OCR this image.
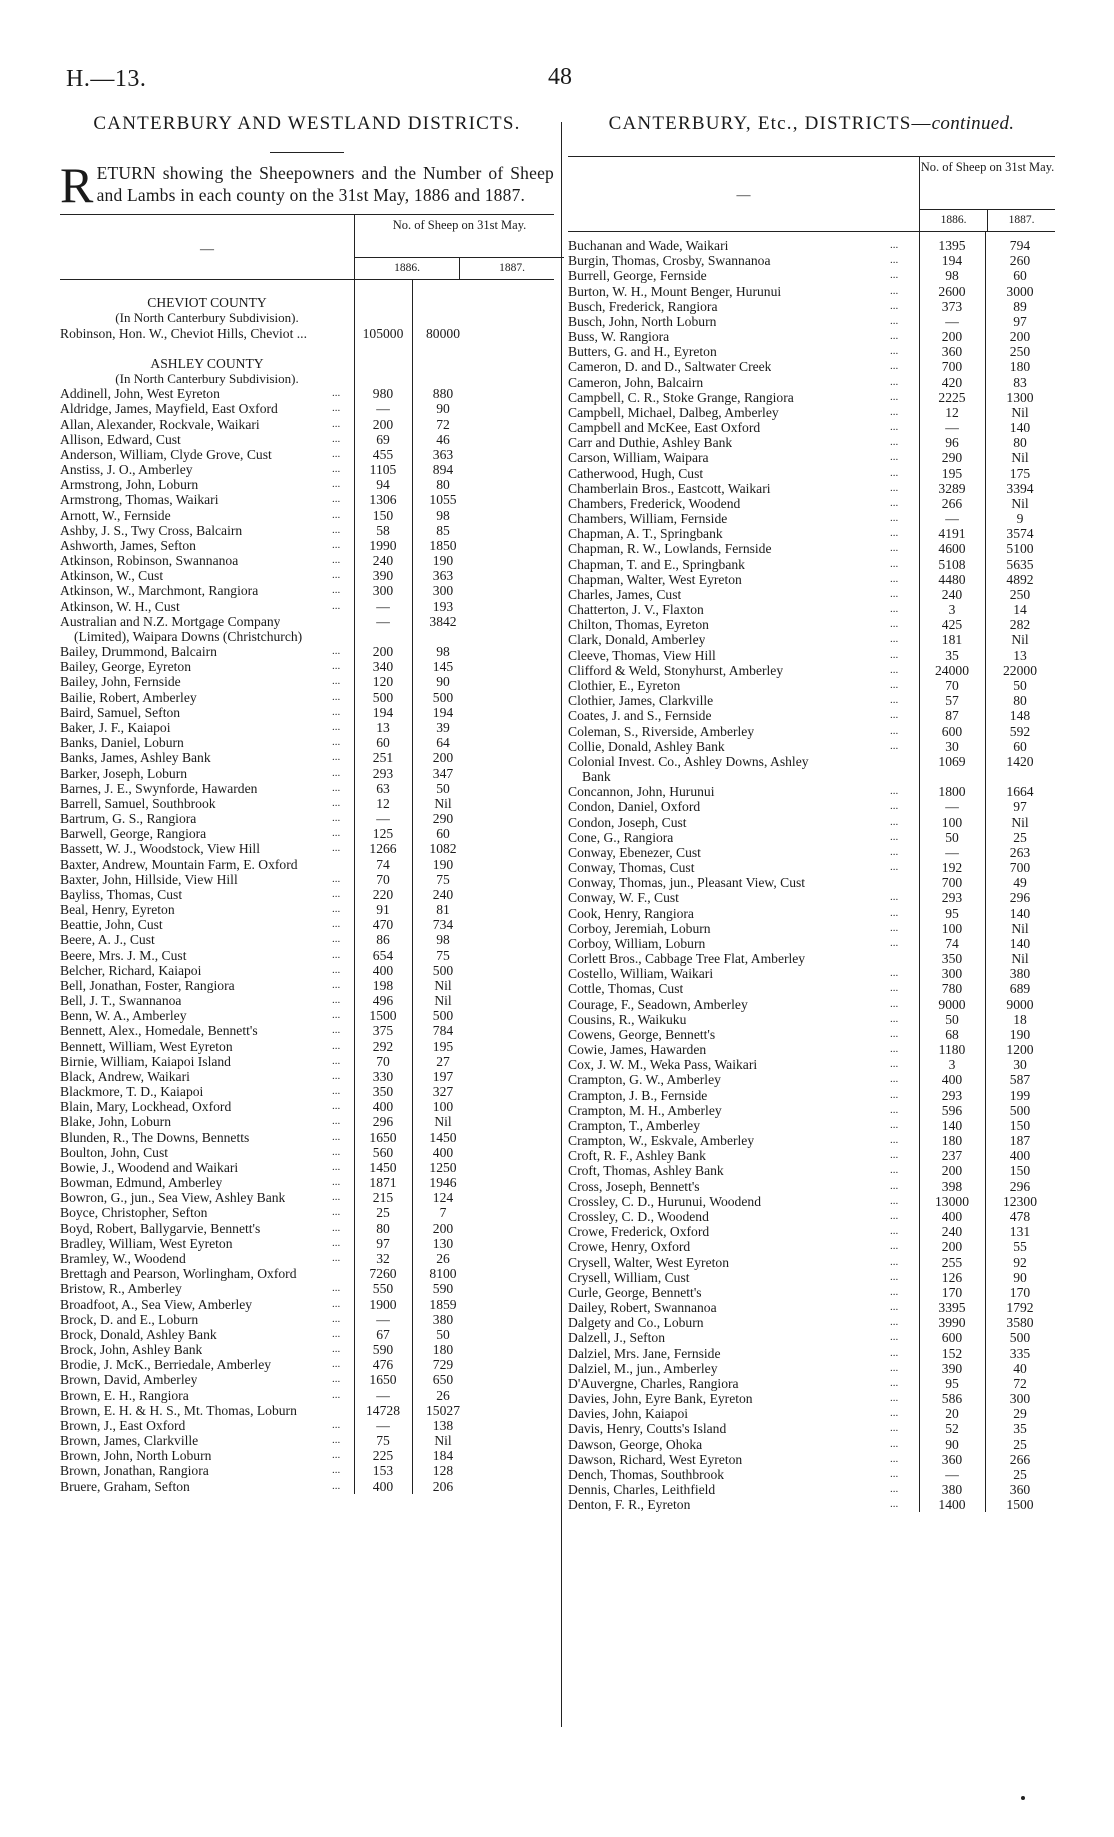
H.—13.	48
CANTERBURY AND WESTLAND DISTRICTS.

RETURN showing the Sheepowners and the Number of Sheep and Lambs in each county on the 31st May, 1886 and 1887.

—
No. of Sheep on 31st May.
1886.	1887.
CHEVIOT COUNTY
(In North Canterbury Subdivision).
Robinson, Hon. W., Cheviot Hills, Cheviot ...	105000	80000
ASHLEY COUNTY
(In North Canterbury Subdivision).
Addinell, John, West Eyreton	...	980	880
Aldridge, James, Mayfield, East Oxford	...	—	90
Allan, Alexander, Rockvale, Waikari	...	200	72
Allison, Edward, Cust	...	69	46
Anderson, William, Clyde Grove, Cust	...	455	363
Anstiss, J. O., Amberley	...	1105	894
Armstrong, John, Loburn	...	94	80
Armstrong, Thomas, Waikari	...	1306	1055
Arnott, W., Fernside	...	150	98
Ashby, J. S., Twy Cross, Balcairn	...	58	85
Ashworth, James, Sefton	...	1990	1850
Atkinson, Robinson, Swannanoa	...	240	190
Atkinson, W., Cust	...	390	363
Atkinson, W., Marchmont, Rangiora	...	300	300
Atkinson, W. H., Cust	...	—	193
Australian and N.Z. Mortgage Company	—	3842
(Limited), Waipara Downs (Christchurch)
Bailey, Drummond, Balcairn	...	200	98
Bailey, George, Eyreton	...	340	145
Bailey, John, Fernside	...	120	90
Bailie, Robert, Amberley	...	500	500
Baird, Samuel, Sefton	...	194	194
Baker, J. F., Kaiapoi	...	13	39
Banks, Daniel, Loburn	...	60	64
Banks, James, Ashley Bank	...	251	200
Barker, Joseph, Loburn	...	293	347
Barnes, J. E., Swynforde, Hawarden	...	63	50
Barrell, Samuel, Southbrook	...	12	Nil
Bartrum, G. S., Rangiora	...	—	290
Barwell, George, Rangiora	...	125	60
Bassett, W. J., Woodstock, View Hill	...	1266	1082
Baxter, Andrew, Mountain Farm, E. Oxford	74	190
Baxter, John, Hillside, View Hill	...	70	75
Bayliss, Thomas, Cust	...	220	240
Beal, Henry, Eyreton	...	91	81
Beattie, John, Cust	...	470	734
Beere, A. J., Cust	...	86	98
Beere, Mrs. J. M., Cust	...	654	75
Belcher, Richard, Kaiapoi	...	400	500
Bell, Jonathan, Foster, Rangiora	...	198	Nil
Bell, J. T., Swannanoa	...	496	Nil
Benn, W. A., Amberley	...	1500	500
Bennett, Alex., Homedale, Bennett's	...	375	784
Bennett, William, West Eyreton	...	292	195
Birnie, William, Kaiapoi Island	...	70	27
Black, Andrew, Waikari	...	330	197
Blackmore, T. D., Kaiapoi	...	350	327
Blain, Mary, Lockhead, Oxford	...	400	100
Blake, John, Loburn	...	296	Nil
Blunden, R., The Downs, Bennetts	...	1650	1450
Boulton, John, Cust	...	560	400
Bowie, J., Woodend and Waikari	...	1450	1250
Bowman, Edmund, Amberley	...	1871	1946
Bowron, G., jun., Sea View, Ashley Bank	...	215	124
Boyce, Christopher, Sefton	...	25	7
Boyd, Robert, Ballygarvie, Bennett's	...	80	200
Bradley, William, West Eyreton	...	97	130
Bramley, W., Woodend	...	32	26
Brettagh and Pearson, Worlingham, Oxford	7260	8100
Bristow, R., Amberley	...	550	590
Broadfoot, A., Sea View, Amberley	...	1900	1859
Brock, D. and E., Loburn	...	—	380
Brock, Donald, Ashley Bank	...	67	50
Brock, John, Ashley Bank	...	590	180
Brodie, J. McK., Berriedale, Amberley	...	476	729
Brown, David, Amberley	...	1650	650
Brown, E. H., Rangiora	...	—	26
Brown, E. H. & H. S., Mt. Thomas, Loburn	14728	15027
Brown, J., East Oxford	...	—	138
Brown, James, Clarkville	...	75	Nil
Brown, John, North Loburn	...	225	184
Brown, Jonathan, Rangiora	...	153	128
Bruere, Graham, Sefton	...	400	206
CANTERBURY, Etc., DISTRICTS—continued.
—
No. of Sheep on 31st May.
1886.	1887.
Buchanan and Wade, Waikari	...	1395	794
Burgin, Thomas, Crosby, Swannanoa	...	194	260
Burrell, George, Fernside	...	98	60
Burton, W. H., Mount Benger, Hurunui	...	2600	3000
Busch, Frederick, Rangiora	...	373	89
Busch, John, North Loburn	...	—	97
Buss, W. Rangiora	...	200	200
Butters, G. and H., Eyreton	...	360	250
Cameron, D. and D., Saltwater Creek	...	700	180
Cameron, John, Balcairn	...	420	83
Campbell, C. R., Stoke Grange, Rangiora	...	2225	1300
Campbell, Michael, Dalbeg, Amberley	...	12	Nil
Campbell and McKee, East Oxford	...	—	140
Carr and Duthie, Ashley Bank	...	96	80
Carson, William, Waipara	...	290	Nil
Catherwood, Hugh, Cust	...	195	175
Chamberlain Bros., Eastcott, Waikari	...	3289	3394
Chambers, Frederick, Woodend	...	266	Nil
Chambers, William, Fernside	...	—	9
Chapman, A. T., Springbank	...	4191	3574
Chapman, R. W., Lowlands, Fernside	...	4600	5100
Chapman, T. and E., Springbank	...	5108	5635
Chapman, Walter, West Eyreton	...	4480	4892
Charles, James, Cust	...	240	250
Chatterton, J. V., Flaxton	...	3	14
Chilton, Thomas, Eyreton	...	425	282
Clark, Donald, Amberley	...	181	Nil
Cleeve, Thomas, View Hill	...	35	13
Clifford & Weld, Stonyhurst, Amberley	...	24000	22000
Clothier, E., Eyreton	...	70	50
Clothier, James, Clarkville	...	57	80
Coates, J. and S., Fernside	...	87	148
Coleman, S., Riverside, Amberley	...	600	592
Collie, Donald, Ashley Bank	...	30	60
Colonial Invest. Co., Ashley Downs, Ashley	1069	1420
Bank
Concannon, John, Hurunui	...	1800	1664
Condon, Daniel, Oxford	...	—	97
Condon, Joseph, Cust	...	100	Nil
Cone, G., Rangiora	...	50	25
Conway, Ebenezer, Cust	...	—	263
Conway, Thomas, Cust	...	192	700
Conway, Thomas, jun., Pleasant View, Cust	700	49
Conway, W. F., Cust	...	293	296
Cook, Henry, Rangiora	...	95	140
Corboy, Jeremiah, Loburn	...	100	Nil
Corboy, William, Loburn	...	74	140
Corlett Bros., Cabbage Tree Flat, Amberley	350	Nil
Costello, William, Waikari	...	300	380
Cottle, Thomas, Cust	...	780	689
Courage, F., Seadown, Amberley	...	9000	9000
Cousins, R., Waikuku	...	50	18
Cowens, George, Bennett's	...	68	190
Cowie, James, Hawarden	...	1180	1200
Cox, J. W. M., Weka Pass, Waikari	...	3	30
Crampton, G. W., Amberley	...	400	587
Crampton, J. B., Fernside	...	293	199
Crampton, M. H., Amberley	...	596	500
Crampton, T., Amberley	...	140	150
Crampton, W., Eskvale, Amberley	...	180	187
Croft, R. F., Ashley Bank	...	237	400
Croft, Thomas, Ashley Bank	...	200	150
Cross, Joseph, Bennett's	...	398	296
Crossley, C. D., Hurunui, Woodend	...	13000	12300
Crossley, C. D., Woodend	...	400	478
Crowe, Frederick, Oxford	...	240	131
Crowe, Henry, Oxford	...	200	55
Crysell, Walter, West Eyreton	...	255	92
Crysell, William, Cust	...	126	90
Curle, George, Bennett's	...	170	170
Dailey, Robert, Swannanoa	...	3395	1792
Dalgety and Co., Loburn	...	3990	3580
Dalzell, J., Sefton	...	600	500
Dalziel, Mrs. Jane, Fernside	...	152	335
Dalziel, M., jun., Amberley	...	390	40
D'Auvergne, Charles, Rangiora	...	95	72
Davies, John, Eyre Bank, Eyreton	...	586	300
Davies, John, Kaiapoi	...	20	29
Davis, Henry, Coutts's Island	...	52	35
Dawson, George, Ohoka	...	90	25
Dawson, Richard, West Eyreton	...	360	266
Dench, Thomas, Southbrook	...	—	25
Dennis, Charles, Leithfield	...	380	360
Denton, F. R., Eyreton	...	1400	1500
